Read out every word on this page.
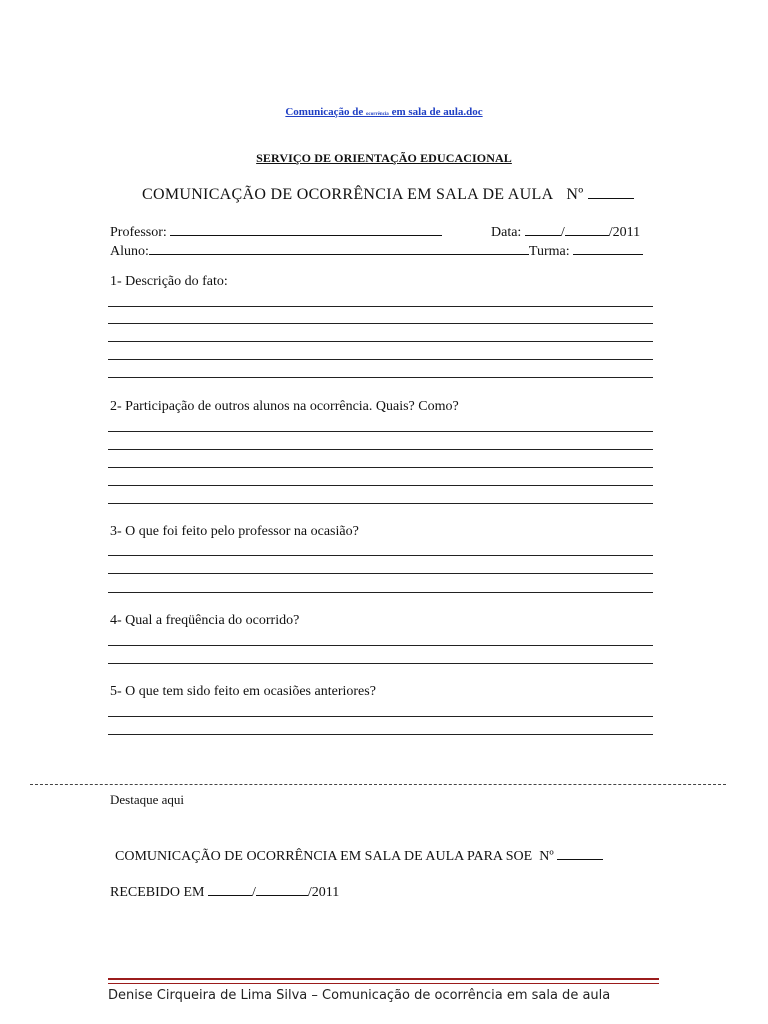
Comunicação de ocorrência em sala de aula.doc
SERVIÇO DE ORIENTAÇÃO EDUCACIONAL
COMUNICAÇÃO DE OCORRÊNCIA EM SALA DE AULA Nº
Professor:	Data:	/	/2011
Aluno:	Turma:
1- Descrição do fato:
2- Participação de outros alunos na ocorrência. Quais? Como?
3- O que foi feito pelo professor na ocasião?
4- Qual a freqüência do ocorrido?
5- O que tem sido feito em ocasiões anteriores?
Destaque aqui
COMUNICAÇÃO DE OCORRÊNCIA EM SALA DE AULA PARA SOE Nº
RECEBIDO EM	/	/2011
Denise Cirqueira de Lima Silva – Comunicação de ocorrência em sala de aula
